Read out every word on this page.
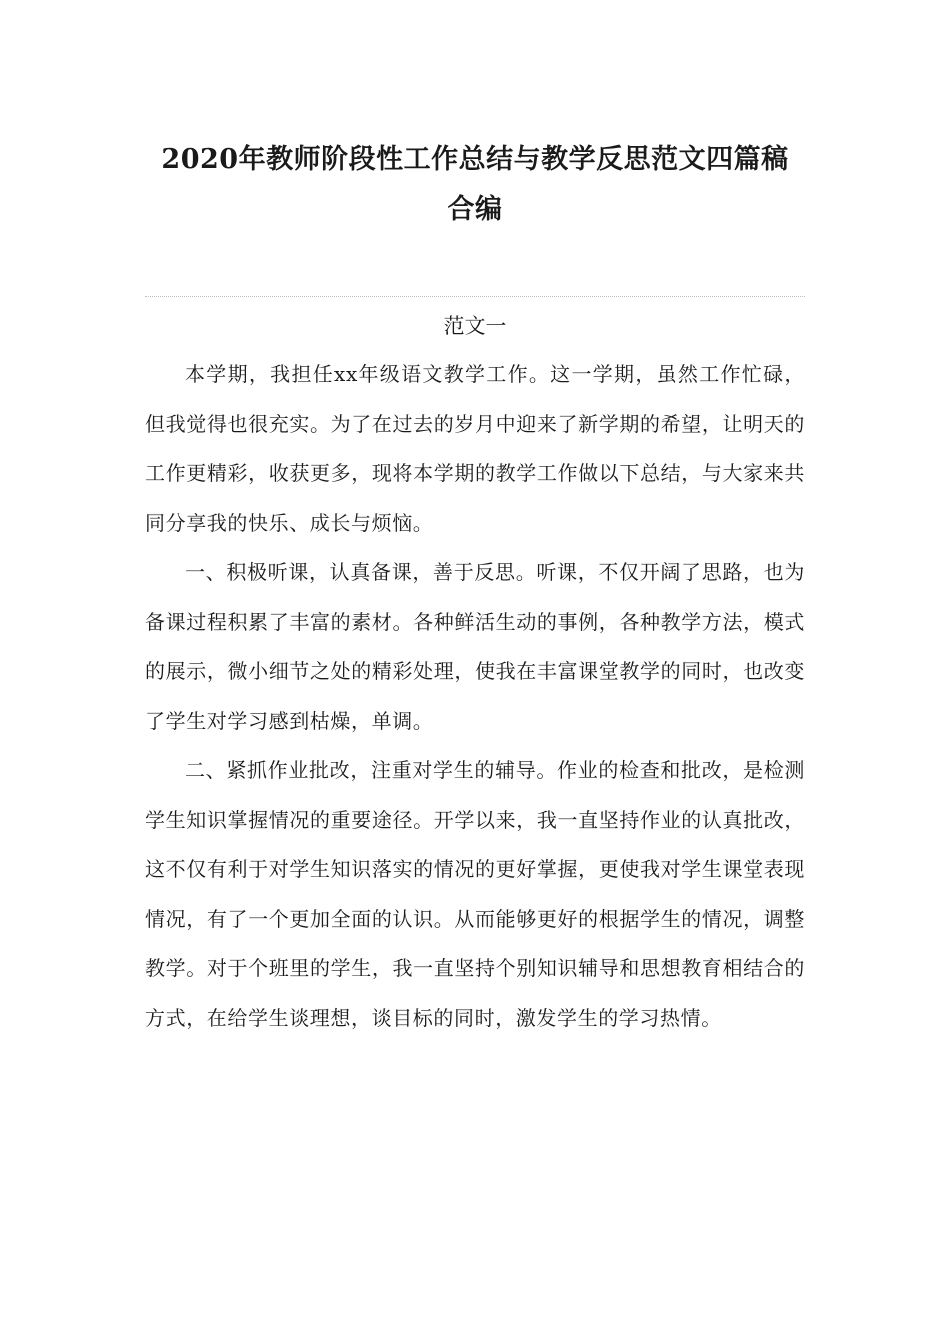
2020年教师阶段性工作总结与教学反思范文四篇稿
合编
范文一

本学期，我担任xx年级语文教学工作。这一学期，虽然工作忙碌，但我觉得也很充实。为了在过去的岁月中迎来了新学期的希望，让明天的工作更精彩，收获更多，现将本学期的教学工作做以下总结，与大家来共同分享我的快乐、成长与烦恼。

一、积极听课，认真备课，善于反思。听课，不仅开阔了思路，也为备课过程积累了丰富的素材。各种鲜活生动的事例，各种教学方法，模式的展示，微小细节之处的精彩处理，使我在丰富课堂教学的同时，也改变了学生对学习感到枯燥，单调。

二、紧抓作业批改，注重对学生的辅导。作业的检查和批改，是检测学生知识掌握情况的重要途径。开学以来，我一直坚持作业的认真批改，这不仅有利于对学生知识落实的情况的更好掌握，更使我对学生课堂表现情况，有了一个更加全面的认识。从而能够更好的根据学生的情况，调整教学。对于个班里的学生，我一直坚持个别知识辅导和思想教育相结合的方式，在给学生谈理想，谈目标的同时，激发学生的学习热情。
